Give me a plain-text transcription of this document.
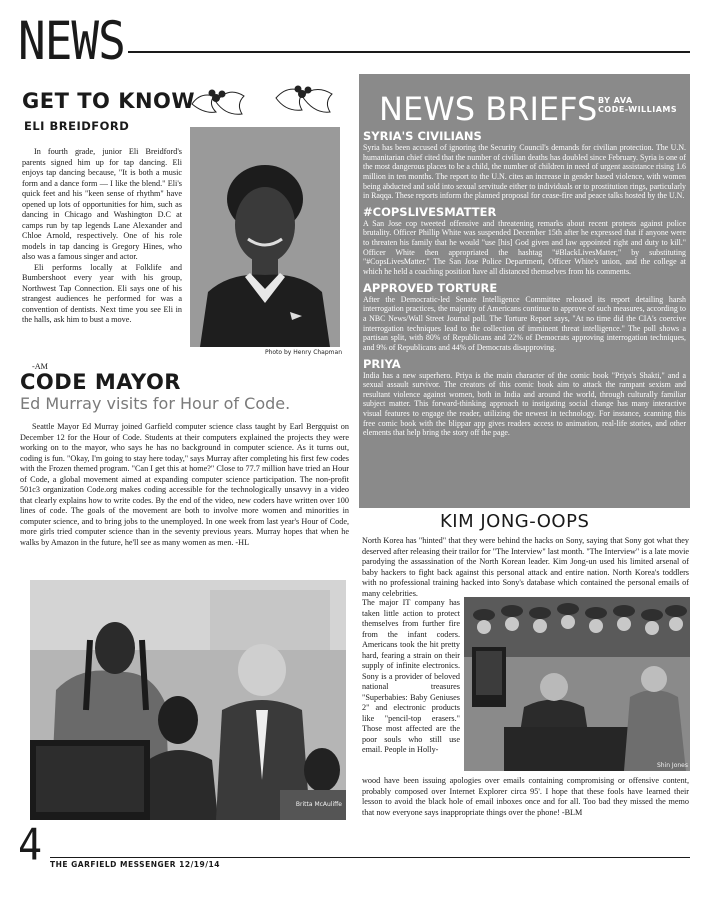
NEWS
GET TO KNOW
ELI BREIDFORD

In fourth grade, junior Eli Breidford's parents signed him up for tap dancing. Eli enjoys tap dancing because, "It is both a music form and a dance form — I like the blend." Eli's quick feet and his "keen sense of rhythm" have opened up lots of opportunities for him, such as dancing in Chicago and Washington D.C at camps run by tap legends Lane Alexander and Chloe Arnold, respectively. One of his role models in tap dancing is Gregory Hines, who also was a famous singer and actor.

Eli performs locally at Folklife and Bumbershoot every year with his group, Northwest Tap Connection. Eli says one of his strangest audiences he performed for was a convention of dentists. Next time you see Eli in the halls, ask him to bust a move.

-AM
Photo by Henry Chapman
CODE MAYOR
Ed Murray visits for Hour of Code.

Seattle Mayor Ed Murray joined Garfield computer science class taught by Earl Bergquist on December 12 for the Hour of Code. Students at their computers explained the projects they were working on to the mayor, who says he has no background in computer science. As it turns out, coding is fun. "Okay, I'm going to stay here today," says Murray after completing his first few codes with the Frozen themed program. "Can I get this at home?" Close to 77.7 million have tried an Hour of Code, a global movement aimed at expanding computer science participation. The non-profit 501c3 organization Code.org makes coding accessible for the technologically unsavvy in a video that clearly explains how to write codes. By the end of the video, new coders have written over 100 lines of code. The goals of the movement are both to involve more women and minorities in computer science, and to bring jobs to the unemployed. In one week from last year's Hour of Code, more girls tried computer science than in the seventy previous years. Murray hopes that when he walks by Amazon in the future, he'll see as many women as men. -HL

Britta McAuliffe
NEWS BRIEFS BY AVA
CODE-WILLIAMS
SYRIA'S CIVILIANS
Syria has been accused of ignoring the Security Council's demands for civilian protection. The U.N. humanitarian chief cited that the number of civilian deaths has doubled since February. Syria is one of the most dangerous places to be a child, the number of children in need of urgent assistance rising 1.6 million in ten months. The report to the U.N. cites an increase in gender based violence, with women being abducted and sold into sexual servitude either to individuals or to prostitution rings, particularly in Raqqa. These reports inform the planned proposal for cease-fire and peace talks hosted by the U.N.
#COPSLIVESMATTER
A San Jose cop tweeted offensive and threatening remarks about recent protests against police brutality. Officer Phillip White was suspended December 15th after he expressed that if anyone were to threaten his family that he would "use [his] God given and law appointed right and duty to kill." Officer White then appropriated the hashtag "#BlackLivesMatter," by substituting "#CopsLivesMatter." The San Jose Police Department, Officer White's union, and the college at which he held a coaching position have all distanced themselves from his comments.
APPROVED TORTURE
After the Democratic-led Senate Intelligence Committee released its report detailing harsh interrogation practices, the majority of Americans continue to approve of such measures, according to a NBC News/Wall Street Journal poll. The Torture Report says, "At no time did the CIA's coercive interrogation techniques lead to the collection of imminent threat intelligence." The poll shows a partisan split, with 80% of Republicans and 22% of Democrats approving interrogation techniques, and 9% of Republicans and 44% of Democrats disapproving.
PRIYA
India has a new superhero. Priya is the main character of the comic book "Priya's Shakti," and a sexual assault survivor. The creators of this comic book aim to attack the rampant sexism and resultant violence against women, both in India and around the world, through culturally familiar subject matter. This forward-thinking approach to instigating social change has many interactive visual features to engage the reader, utilizing the newest in technology. For instance, scanning this free comic book with the blippar app gives readers access to animation, real-life stories, and other elements that help bring the story off the page.
KIM JONG-OOPS
North Korea has "hinted" that they were behind the hacks on Sony, saying that Sony got what they deserved after releasing their trailor for "The Interview" last month. "The Interview" is a late movie parodying the assassination of the North Korean leader. Kim Jong-un used his limited arsenal of baby hackers to fight back against this personal attack and entire nation. North Korea's toddlers with no professional training hacked into Sony's database which contained the personal emails of many celebrities.
The major IT company has taken little action to protect themselves from further fire from the infant coders. Americans took the hit pretty hard, fearing a strain on their supply of infinite electronics. Sony is a provider of beloved national treasures "Superbabies: Baby Geniuses 2" and electronic products like "pencil-top erasers." Those most affected are the poor souls who still use email. People in Holly-
Shin Jones
wood have been issuing apologies over emails containing compromising or offensive content, probably composed over Internet Explorer circa 95'. I hope that these fools have learned their lesson to avoid the black hole of email inboxes once and for all. Too bad they missed the memo that now everyone says inappropriate things over the phone! -BLM
4 THE GARFIELD MESSENGER 12/19/14
